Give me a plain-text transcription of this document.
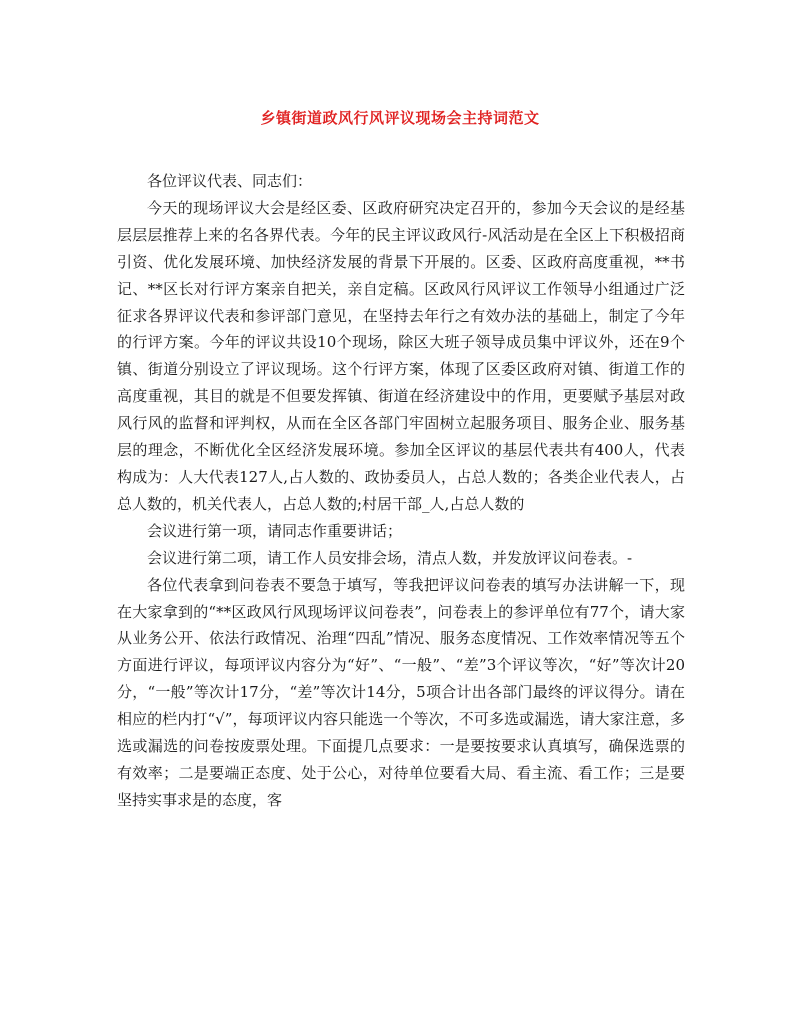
乡镇街道政风行风评议现场会主持词范文

各位评议代表、同志们：

今天的现场评议大会是经区委、区政府研究决定召开的，参加今天会议的是经基层层层推荐上来的名各界代表。今年的民主评议政风行-风活动是在全区上下积极招商引资、优化发展环境、加快经济发展的背景下开展的。区委、区政府高度重视，**书记、**区长对行评方案亲自把关，亲自定稿。区政风行风评议工作领导小组通过广泛征求各界评议代表和参评部门意见，在坚持去年行之有效办法的基础上，制定了今年的行评方案。今年的评议共设10个现场，除区大班子领导成员集中评议外，还在9个镇、街道分别设立了评议现场。这个行评方案，体现了区委区政府对镇、街道工作的高度重视，其目的就是不但要发挥镇、街道在经济建设中的作用，更要赋予基层对政风行风的监督和评判权，从而在全区各部门牢固树立起服务项目、服务企业、服务基层的理念，不断优化全区经济发展环境。参加全区评议的基层代表共有400人，代表构成为：人大代表127人,占人数的、政协委员人，占总人数的；各类企业代表人，占总人数的，机关代表人，占总人数的;村居干部_人,占总人数的

会议进行第一项，请同志作重要讲话；

会议进行第二项，请工作人员安排会场，清点人数，并发放评议问卷表。-

各位代表拿到问卷表不要急于填写，等我把评议问卷表的填写办法讲解一下，现在大家拿到的“**区政风行风现场评议问卷表”，问卷表上的参评单位有77个，请大家从业务公开、依法行政情况、治理“四乱”情况、服务态度情况、工作效率情况等五个方面进行评议，每项评议内容分为“好”、“一般”、“差”3个评议等次，“好”等次计20分，“一般”等次计17分，“差”等次计14分，5项合计出各部门最终的评议得分。请在相应的栏内打“√”，每项评议内容只能选一个等次，不可多选或漏选，请大家注意，多选或漏选的问卷按废票处理。下面提几点要求：一是要按要求认真填写，确保选票的有效率；二是要端正态度、处于公心，对待单位要看大局、看主流、看工作；三是要坚持实事求是的态度，客
